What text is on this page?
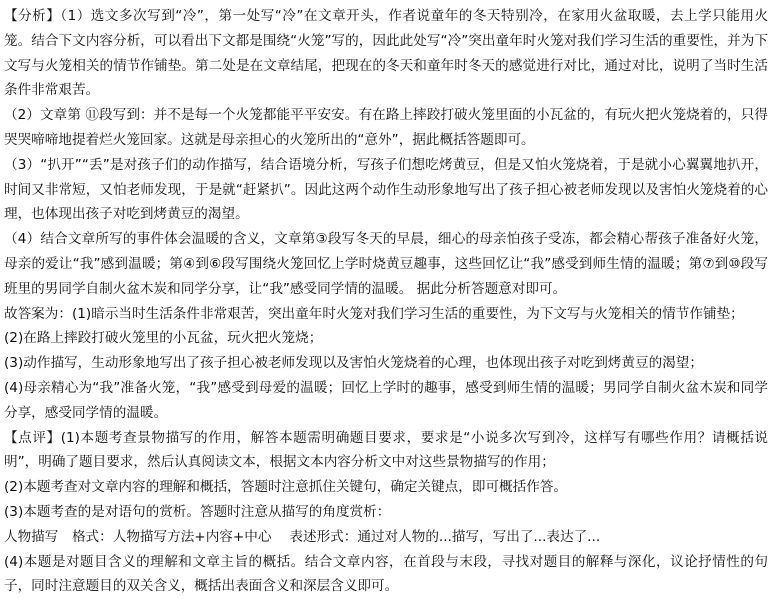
【分析】（1）选文多次写到“冷”，第一处写“冷”在文章开头，作者说童年的冬天特别冷，在家用火盆取暖，去上学只能用火笼。结合下文内容分析，可以看出下文都是围绕“火笼”写的，因此此处写“冷”突出童年时火笼对我们学习生活的重要性，并为下文写与火笼相关的情节作铺垫。第二处是在文章结尾，把现在的冬天和童年时冬天的感觉进行对比，通过对比，说明了当时生活条件非常艰苦。

（2）文章第 ⑪段写到：并不是每一个火笼都能平平安安。有在路上摔跤打破火笼里面的小瓦盆的，有玩火把火笼烧着的，只得哭哭啼啼地提着烂火笼回家。这就是母亲担心的火笼所出的“意外”，据此概括答题即可。

（3）“扒开”“丢”是对孩子们的动作描写，结合语境分析，写孩子们想吃烤黄豆，但是又怕火笼烧着，于是就小心翼翼地扒开，时间又非常短，又怕老师发现，于是就“赶紧扒”。因此这两个动作生动形象地写出了孩子担心被老师发现以及害怕火笼烧着的心理，也体现出孩子对吃到烤黄豆的渴望。

（4）结合文章所写的事件体会温暖的含义，文章第③段写冬天的早晨，细心的母亲怕孩子受冻，都会精心帮孩子准备好火笼，母亲的爱让“我”感到温暖；第④到⑥段写围绕火笼回忆上学时烧黄豆趣事，这些回忆让“我”感受到师生情的温暖；第⑦到⑩段写班里的男同学自制火盆木炭和同学分享，让“我”感受同学情的温暖。 据此分析答题意对即可。

故答案为：(1)暗示当时生活条件非常艰苦，突出童年时火笼对我们学习生活的重要性，为下文写与火笼相关的情节作铺垫；

(2)在路上摔跤打破火笼里的小瓦盆，玩火把火笼烧；

(3)动作描写，生动形象地写出了孩子担心被老师发现以及害怕火笼烧着的心理，也体现出孩子对吃到烤黄豆的渴望；

(4)母亲精心为“我”准备火笼，“我”感受到母爱的温暖；回忆上学时的趣事，感受到师生情的温暖；男同学自制火盆木炭和同学分享，感受同学情的温暖。

【点评】(1)本题考查景物描写的作用，解答本题需明确题目要求，要求是“小说多次写到冷，这样写有哪些作用？请概括说明”，明确了题目要求，然后认真阅读文本，根据文本内容分析文中对这些景物描写的作用；

(2)本题考查对文章内容的理解和概括，答题时注意抓住关键句，确定关键点，即可概括作答。

(3)本题考查的是对语句的赏析。答题时注意从描写的角度赏析：

人物描写　格式：人物描写方法+内容+中心　 表述形式：通过对人物的...描写，写出了...表达了...

(4)本题是对题目含义的理解和文章主旨的概括。结合文章内容，在首段与末段，寻找对题目的解释与深化，议论抒情性的句子，同时注意题目的双关含义，概括出表面含义和深层含义即可。
